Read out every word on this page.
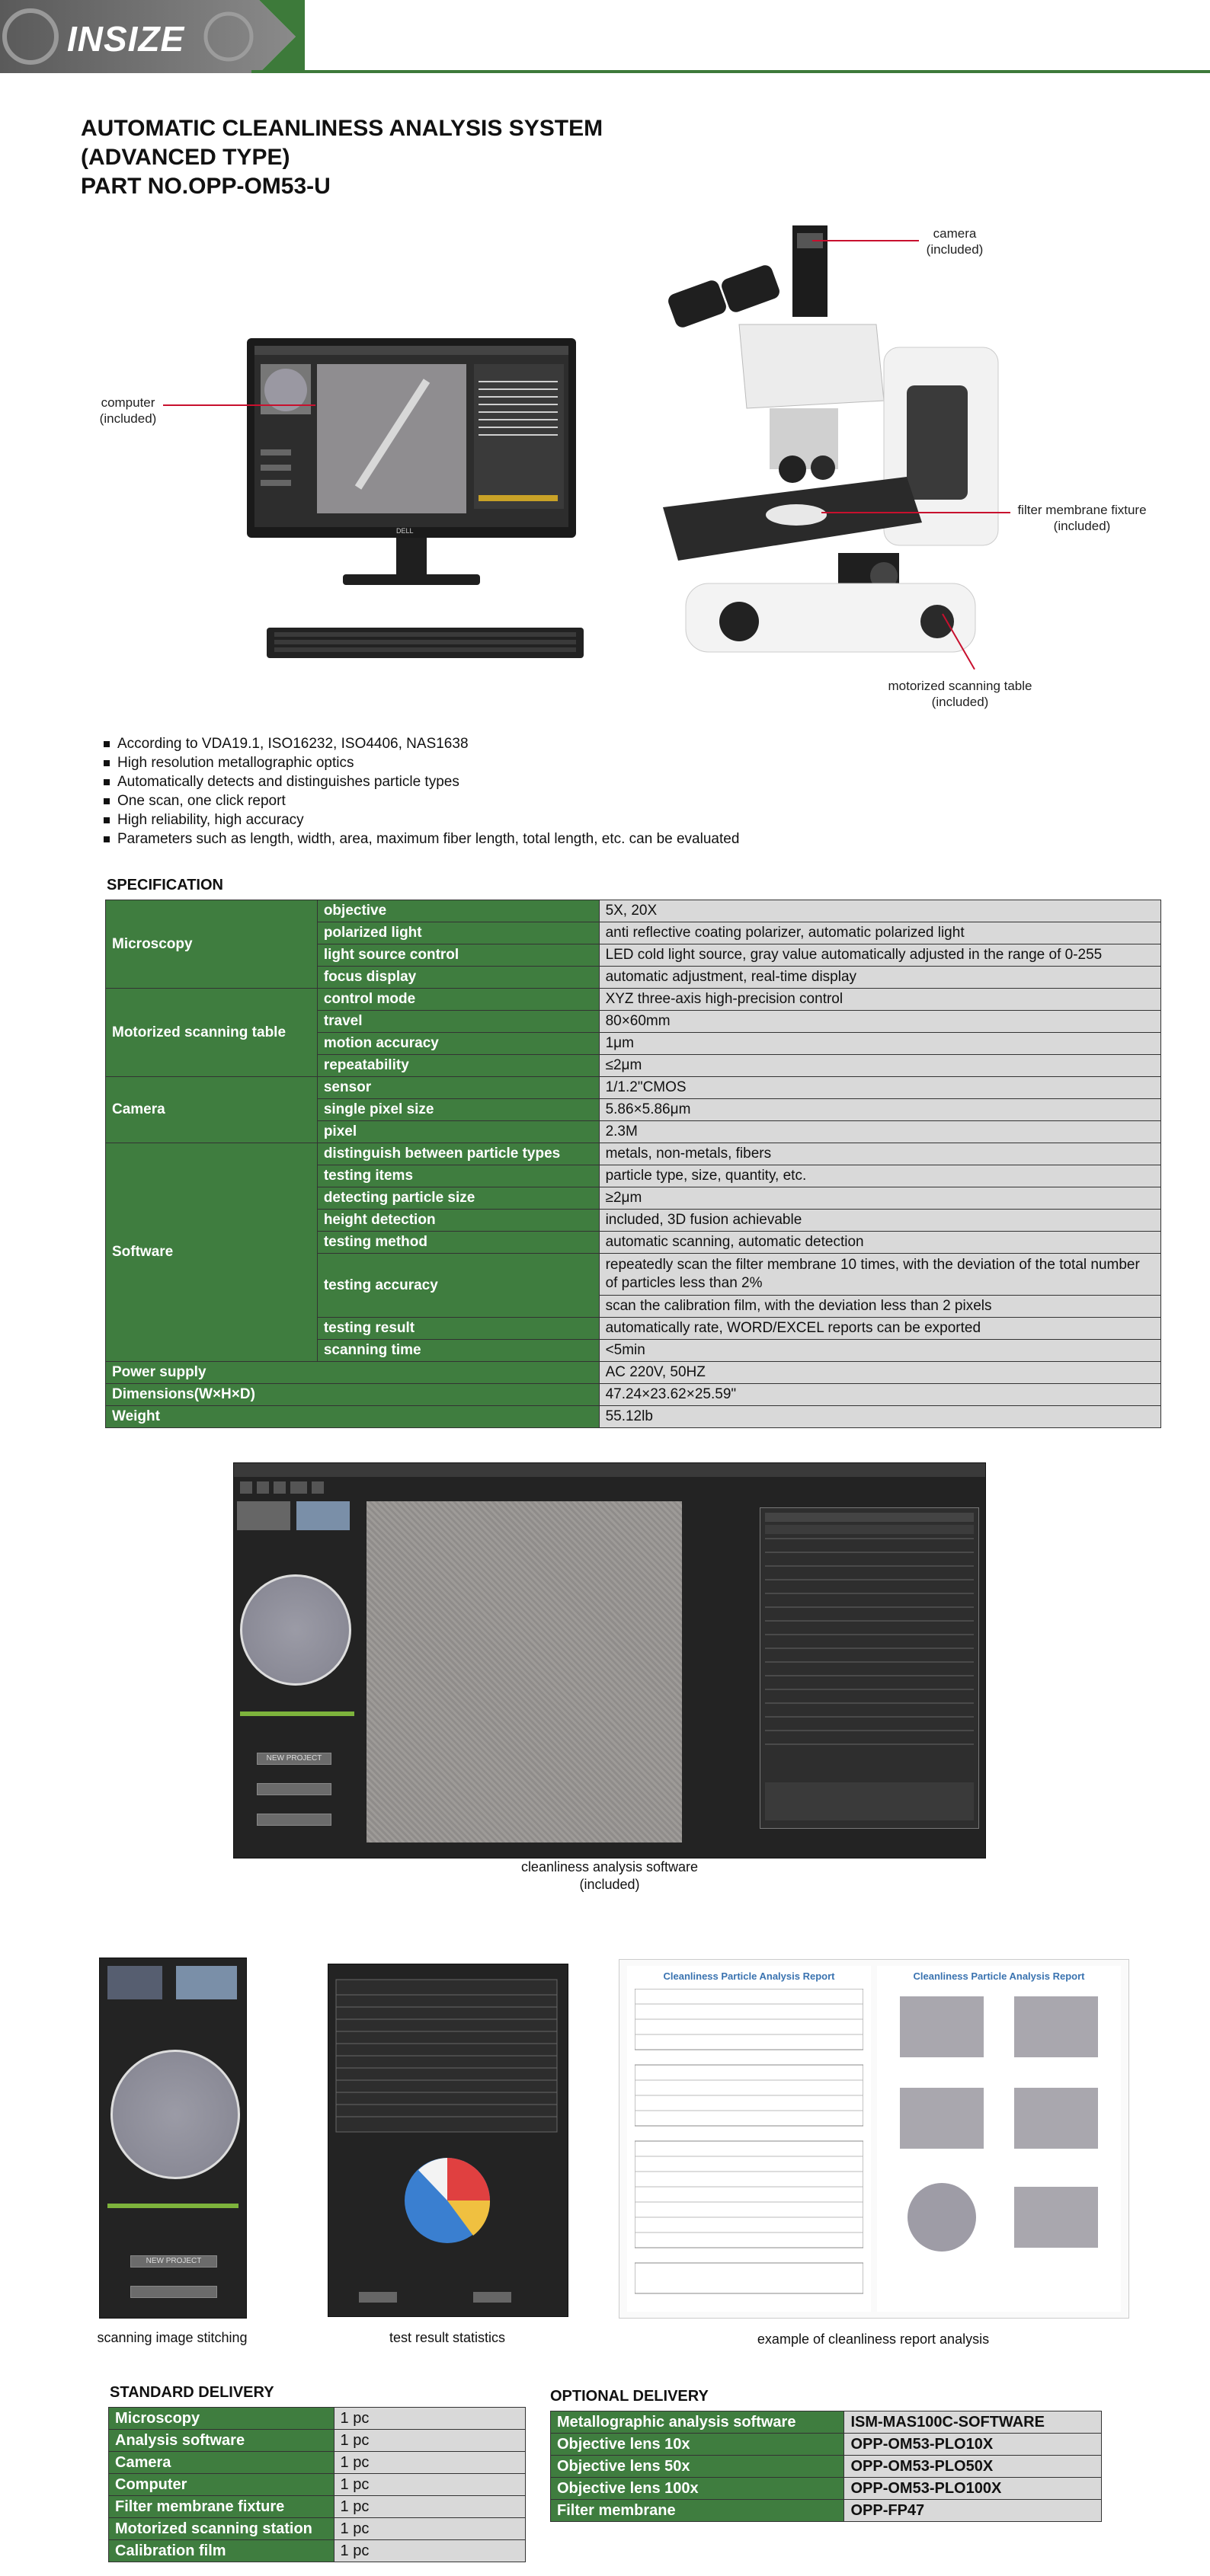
INSIZE
AUTOMATIC CLEANLINESS ANALYSIS SYSTEM
(ADVANCED TYPE)
PART NO.OPP-OM53-U
DELL
computer
(included)
camera
(included)
filter membrane fixture
(included)
motorized scanning table
(included)
According to VDA19.1, ISO16232, ISO4406, NAS1638
High resolution metallographic optics
Automatically detects and distinguishes particle types
One scan, one click report
High reliability, high accuracy
Parameters such as length, width, area, maximum fiber length, total length, etc. can be evaluated
SPECIFICATION
Microscopy	objective	5X, 20X
	polarized light	anti reflective coating polarizer, automatic polarized light
	light source control	LED cold light source, gray value automatically adjusted in the range of 0-255
	focus display	automatic adjustment, real-time display
Motorized scanning table	control mode	XYZ three-axis high-precision control
	travel	80×60mm
	motion accuracy	1μm
	repeatability	≤2μm
Camera	sensor	1/1.2"CMOS
	single pixel size	5.86×5.86μm
	pixel	2.3M
Software	distinguish between particle types	metals, non-metals, fibers
	testing items	particle type, size, quantity, etc.
	detecting particle size	≥2μm
	height detection	included, 3D fusion achievable
	testing method	automatic scanning, automatic detection
	testing accuracy	repeatedly scan the filter membrane 10 times, with the deviation of the total number of particles less than 2%
		scan the calibration film, with the deviation less than 2 pixels
	testing result	automatically rate, WORD/EXCEL reports can be exported
	scanning time	<5min
Power supply		AC 220V, 50HZ
Dimensions(W×H×D)		47.24×23.62×25.59"
Weight		55.12lb
NEW PROJECT
cleanliness analysis software
(included)
NEW PROJECT
scanning image stitching	test result statistics
Cleanliness Particle Analysis Report	Cleanliness Particle Analysis Report
example of cleanliness report analysis
STANDARD DELIVERY
Microscopy	1 pc
Analysis software	1 pc
Camera	1 pc
Computer	1 pc
Filter membrane fixture	1 pc
Motorized scanning station	1 pc
Calibration film	1 pc
OPTIONAL DELIVERY
Metallographic analysis software	ISM-MAS100C-SOFTWARE
Objective lens 10x	OPP-OM53-PLO10X
Objective lens 50x	OPP-OM53-PLO50X
Objective lens 100x	OPP-OM53-PLO100X
Filter membrane	OPP-FP47
